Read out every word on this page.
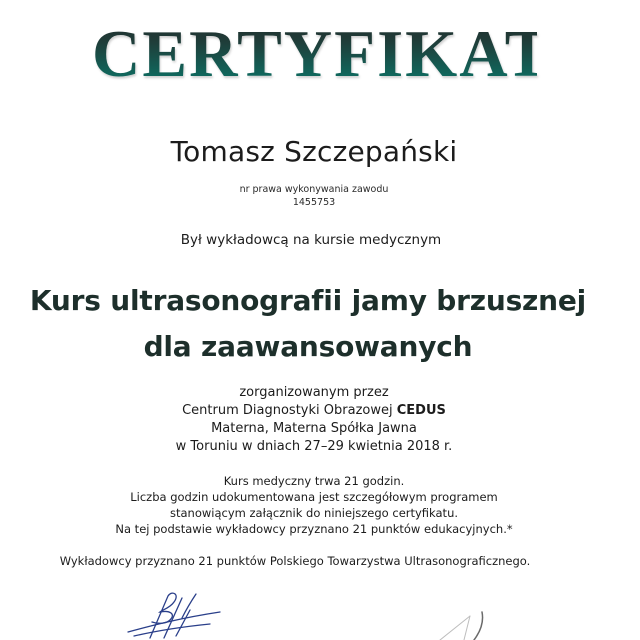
CERTYFIKAT
Tomasz Szczepański
nr prawa wykonywania zawodu
1455753
Był wykładowcą na kursie medycznym
Kurs ultrasonografii jamy brzusznej
dla zaawansowanych
zorganizowanym przez
Centrum Diagnostyki Obrazowej CEDUS
Materna, Materna Spółka Jawna
w Toruniu w dniach 27–29 kwietnia 2018 r.
Kurs medyczny trwa 21 godzin.
Liczba godzin udokumentowana jest szczegółowym programem
stanowiącym załącznik do niniejszego certyfikatu.
Na tej podstawie wykładowcy przyznano 21 punktów edukacyjnych.*
Wykładowcy przyznano 21 punktów Polskiego Towarzystwa Ultrasonograficznego.
